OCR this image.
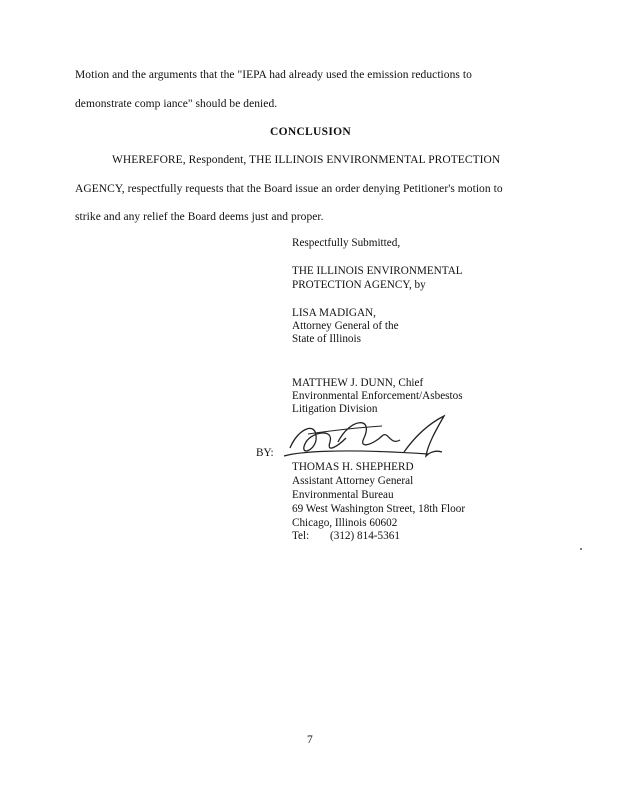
Motion and the arguments that the "IEPA had already used the emission reductions to
demonstrate comp iance" should be denied.
CONCLUSION
WHEREFORE, Respondent, THE ILLINOIS ENVIRONMENTAL PROTECTION
AGENCY, respectfully requests that the Board issue an order denying Petitioner's motion to
strike and any relief the Board deems just and proper.
Respectfully Submitted,
THE ILLINOIS ENVIRONMENTAL
PROTECTION AGENCY, by
LISA MADIGAN,
Attorney General of the
State of Illinois
MATTHEW J. DUNN, Chief
Environmental Enforcement/Asbestos
Litigation Division
BY:
THOMAS H. SHEPHERD
Assistant Attorney General
Environmental Bureau
69 West Washington Street, 18th Floor
Chicago, Illinois 60602
Tel: (312) 814-5361
7
